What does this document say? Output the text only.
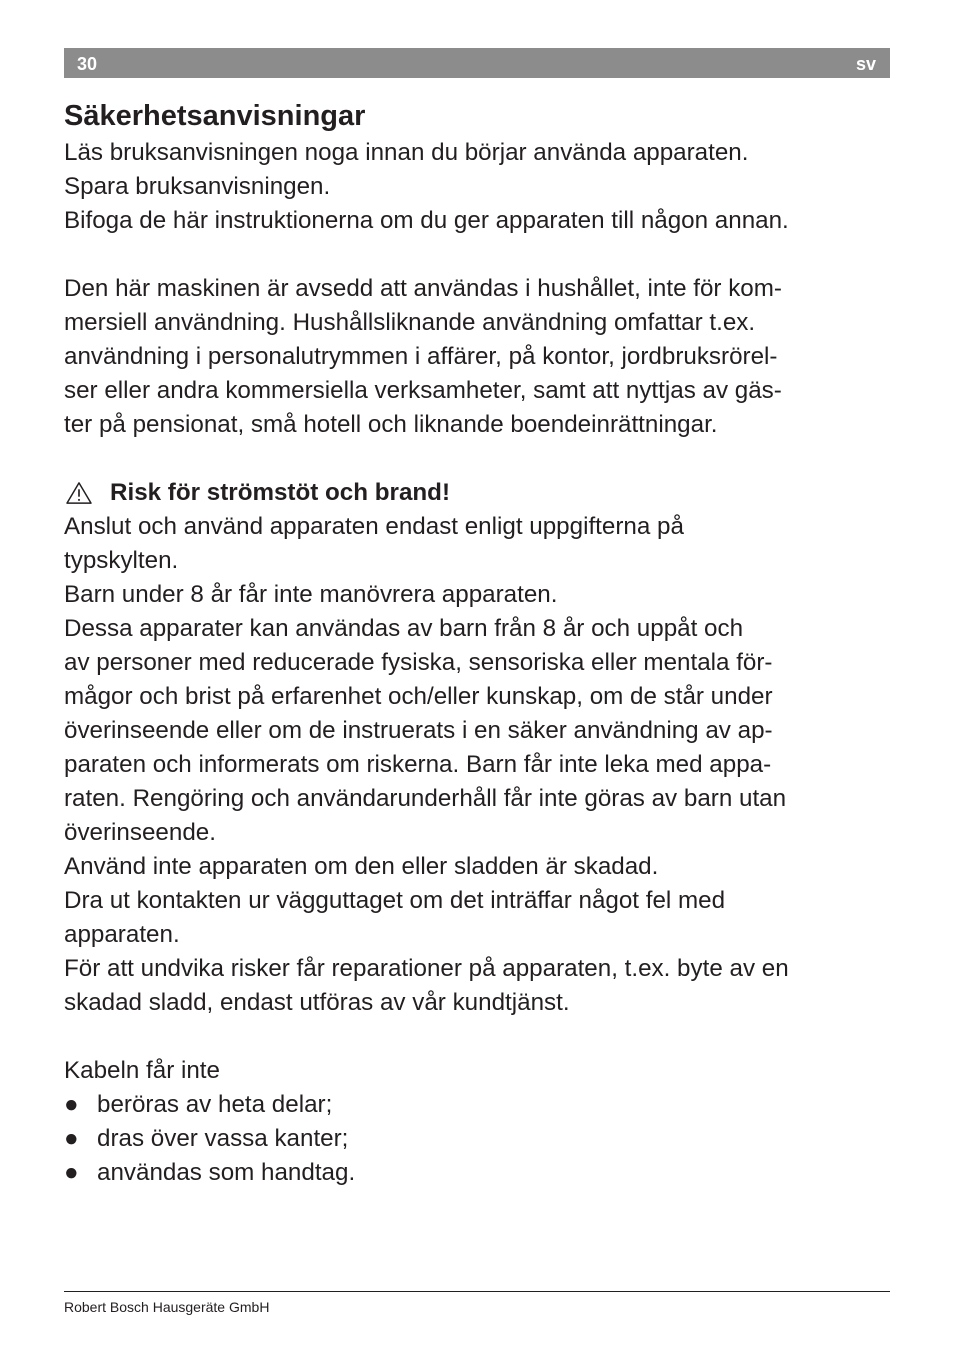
30	sv
Säkerhetsanvisningar

Läs bruksanvisningen noga innan du börjar använda apparaten.

Spara bruksanvisningen.

Bifoga de här instruktionerna om du ger apparaten till någon annan.

Den här maskinen är avsedd att användas i hushållet, inte för kom-

mersiell användning. Hushållsliknande användning omfattar t.ex.

användning i personalutrymmen i affärer, på kontor, jordbruksrörel-

ser eller andra kommersiella verksamheter, samt att nyttjas av gäs-

ter på pensionat, små hotell och liknande boendeinrättningar.

Risk för strömstöt och brand!

Anslut och använd apparaten endast enligt uppgifterna på

typskylten.

Barn under 8 år får inte manövrera apparaten.

Dessa apparater kan användas av barn från 8 år och uppåt och

av personer med reducerade fysiska, sensoriska eller mentala för-

mågor och brist på erfarenhet och/eller kunskap, om de står under

överinseende eller om de instruerats i en säker användning av ap-

paraten och informerats om riskerna. Barn får inte leka med appa-

raten. Rengöring och användarunderhåll får inte göras av barn utan

överinseende.

Använd inte apparaten om den eller sladden är skadad.

Dra ut kontakten ur vägguttaget om det inträffar något fel med

apparaten.

För att undvika risker får reparationer på apparaten, t.ex. byte av en

skadad sladd, endast utföras av vår kundtjänst.

Kabeln får inte

● beröras av heta delar;
● dras över vassa kanter;
● användas som handtag.
Robert Bosch Hausgeräte GmbH
